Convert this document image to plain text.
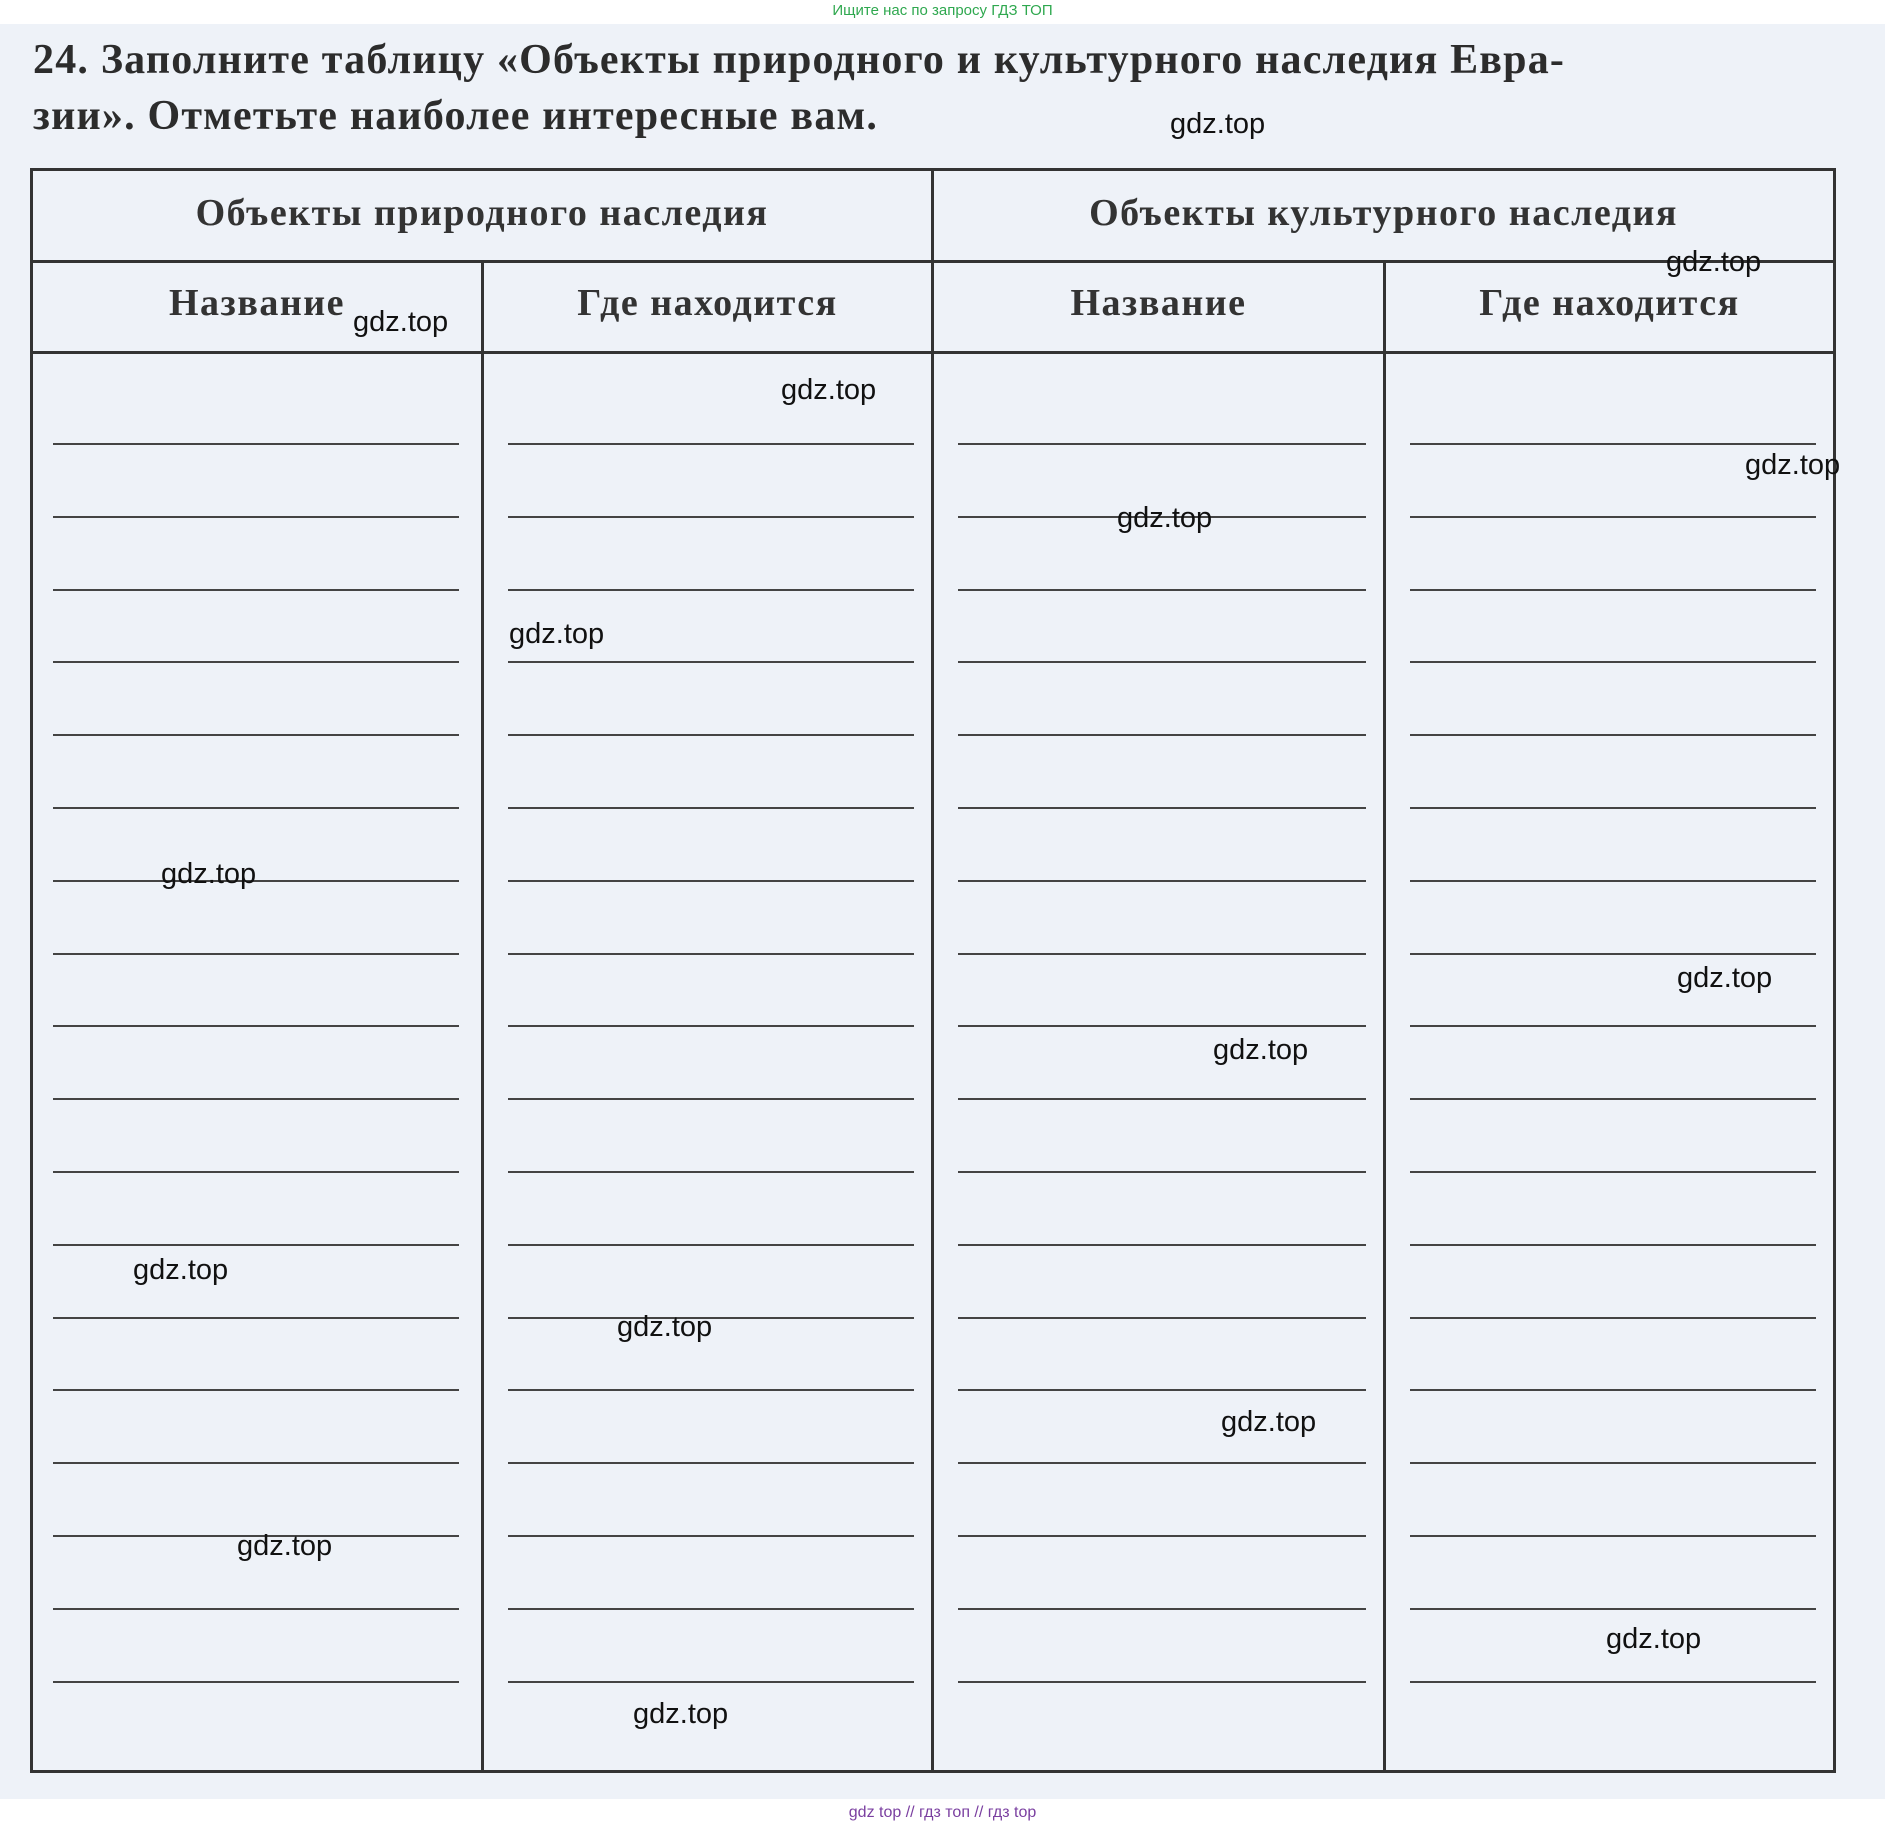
Ищите нас по запросу ГДЗ ТОП
24. Заполните таблицу «Объекты природного и культурного наследия Евра-
зии». Отметьте наиболее интересные вам.
Объекты природного наследия	Объекты культурного наследия
Название	Где находится	Название	Где находится
gdz.top
gdz.top
gdz.top
gdz.top
gdz.top
gdz.top
gdz.top
gdz.top
gdz.top
gdz.top
gdz.top
gdz.top
gdz.top
gdz.top
gdz.top
gdz.top
gdz top // гдз топ // гдз top
